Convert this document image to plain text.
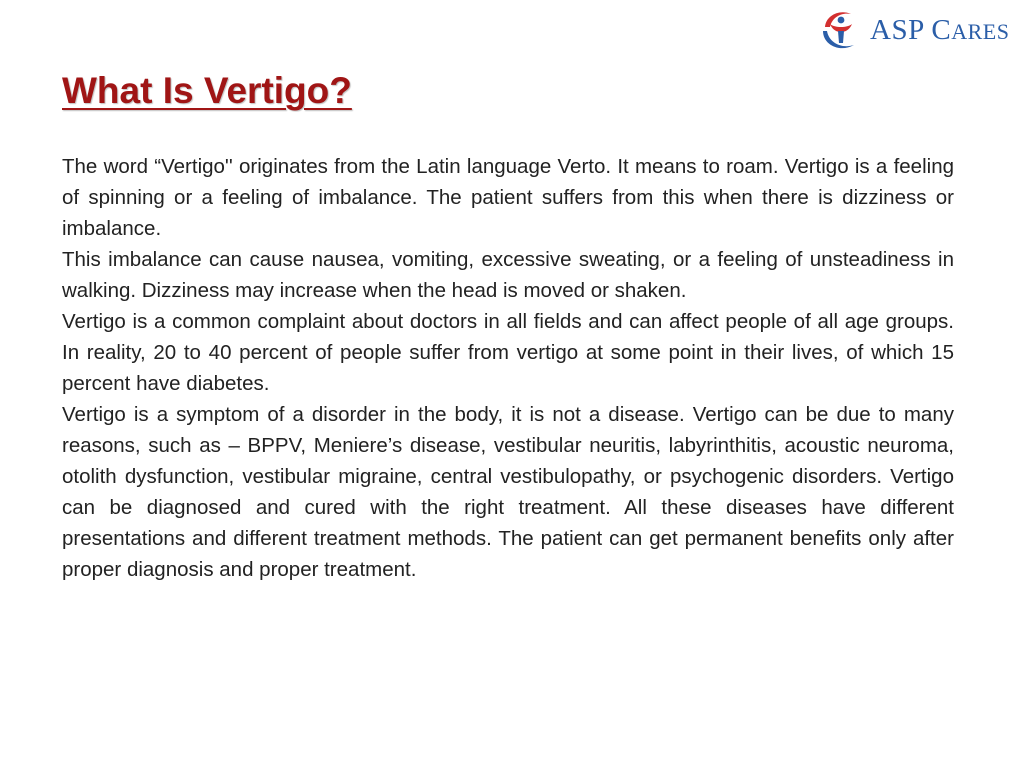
ASP CARES
What Is Vertigo?

The word “Vertigo'' originates from the Latin language Verto. It means to roam. Vertigo is a feeling of spinning or a feeling of imbalance. The patient suffers from this when there is dizziness or imbalance.

This imbalance can cause nausea, vomiting, excessive sweating, or a feeling of unsteadiness in walking. Dizziness may increase when the head is moved or shaken.

Vertigo is a common complaint about doctors in all fields and can affect people of all age groups. In reality, 20 to 40 percent of people suffer from vertigo at some point in their lives, of which 15 percent have diabetes.

Vertigo is a symptom of a disorder in the body, it is not a disease. Vertigo can be due to many reasons, such as – BPPV, Meniere’s disease, vestibular neuritis, labyrinthitis, acoustic neuroma, otolith dysfunction, vestibular migraine, central vestibulopathy, or psychogenic disorders. Vertigo can be diagnosed and cured with the right treatment. All these diseases have different presentations and different treatment methods. The patient can get permanent benefits only after proper diagnosis and proper treatment.
